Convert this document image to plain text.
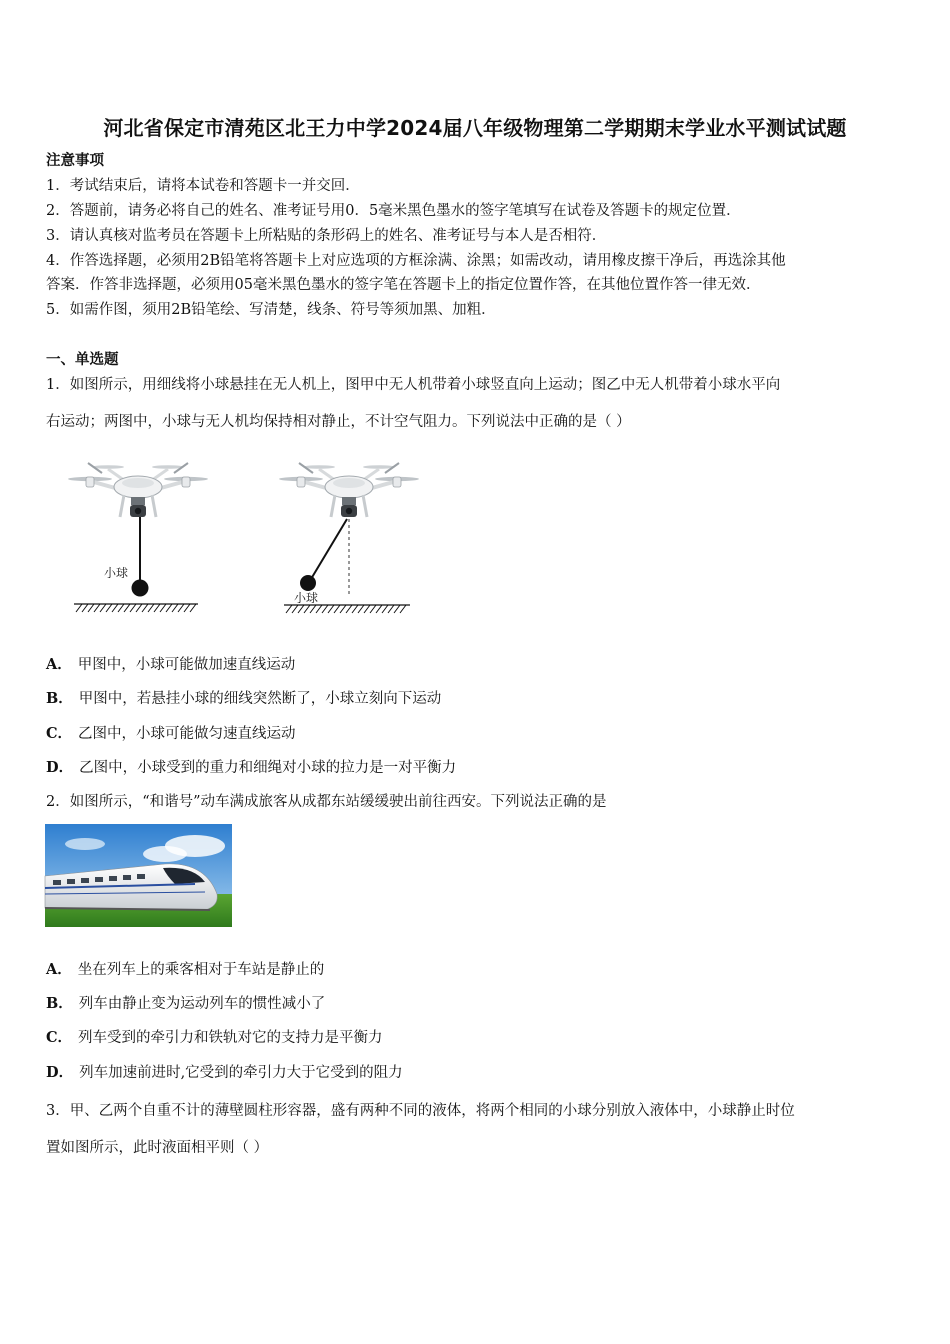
河北省保定市清苑区北王力中学2024届八年级物理第二学期期末学业水平测试试题
注意事项
1．考试结束后，请将本试卷和答题卡一并交回．
2．答题前，请务必将自己的姓名、准考证号用0．5毫米黑色墨水的签字笔填写在试卷及答题卡的规定位置．
3．请认真核对监考员在答题卡上所粘贴的条形码上的姓名、准考证号与本人是否相符．
4．作答选择题，必须用2B铅笔将答题卡上对应选项的方框涂满、涂黑；如需改动，请用橡皮擦干净后，再选涂其他
答案．作答非选择题，必须用05毫米黑色墨水的签字笔在答题卡上的指定位置作答，在其他位置作答一律无效．
5．如需作图，须用2B铅笔绘、写清楚，线条、符号等须加黑、加粗．
一、单选题
1．如图所示，用细线将小球悬挂在无人机上，图甲中无人机带着小球竖直向上运动；图乙中无人机带着小球水平向
右运动；两图中，小球与无人机均保持相对静止，不计空气阻力。下列说法中正确的是（ ）
小球
小球
A． 甲图中，小球可能做加速直线运动
B． 甲图中，若悬挂小球的细线突然断了，小球立刻向下运动
C． 乙图中，小球可能做匀速直线运动
D． 乙图中，小球受到的重力和细绳对小球的拉力是一对平衡力
2．如图所示，“和谐号”动车满成旅客从成都东站缓缓驶出前往西安。下列说法正确的是
A． 坐在列车上的乘客相对于车站是静止的
B． 列车由静止变为运动列车的惯性减小了
C． 列车受到的牵引力和铁轨对它的支持力是平衡力
D． 列车加速前进时,它受到的牵引力大于它受到的阻力
3．甲、乙两个自重不计的薄壁圆柱形容器，盛有两种不同的液体，将两个相同的小球分别放入液体中，小球静止时位
置如图所示，此时液面相平则（ ）
